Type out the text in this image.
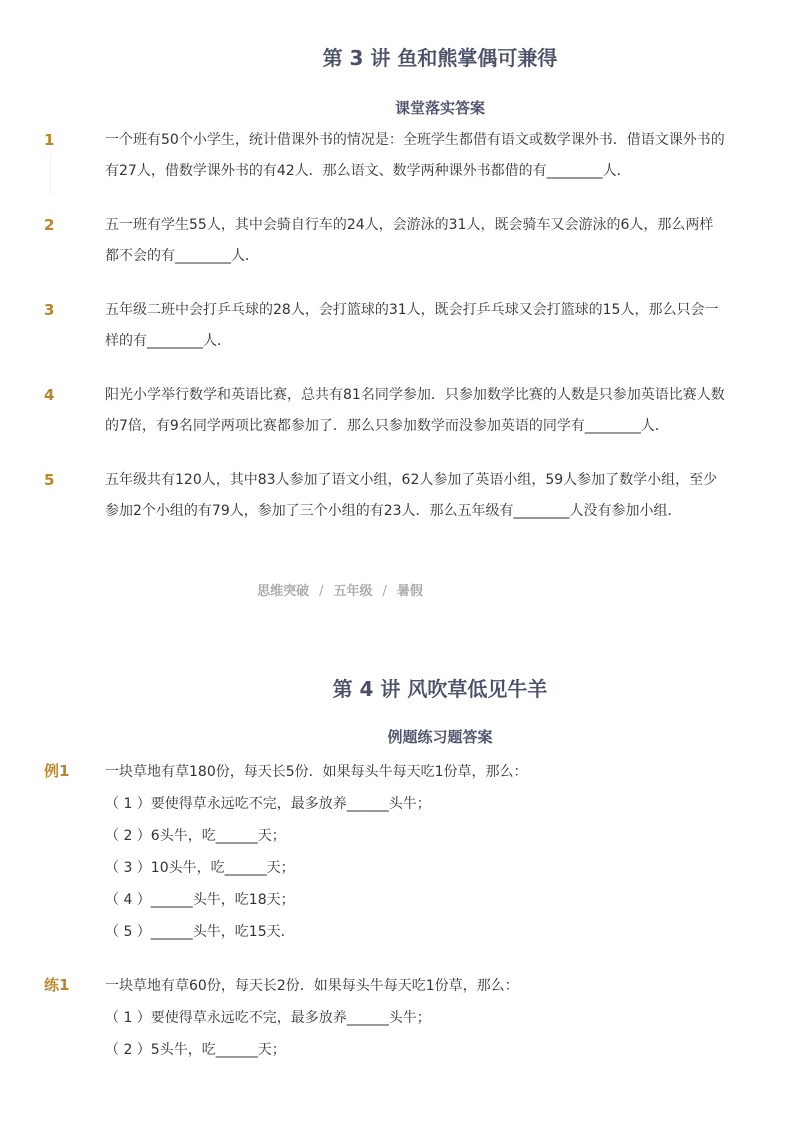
第 3 讲 鱼和熊掌偶可兼得
课堂落实答案
1	一个班有50个小学生，统计借课外书的情况是：全班学生都借有语文或数学课外书．借语文课外书的有27人，借数学课外书的有42人．那么语文、数学两种课外书都借的有________人．
2	五一班有学生55人，其中会骑自行车的24人，会游泳的31人，既会骑车又会游泳的6人，那么两样都不会的有________人．
3	五年级二班中会打乒乓球的28人，会打篮球的31人，既会打乒乓球又会打篮球的15人，那么只会一样的有________人．
4	阳光小学举行数学和英语比赛，总共有81名同学参加．只参加数学比赛的人数是只参加英语比赛人数的7倍，有9名同学两项比赛都参加了．那么只参加数学而没参加英语的同学有________人．
5	五年级共有120人，其中83人参加了语文小组，62人参加了英语小组，59人参加了数学小组，至少参加2个小组的有79人，参加了三个小组的有23人．那么五年级有________人没有参加小组．
思维突破 / 五年级 / 暑假
第 4 讲 风吹草低见牛羊
例题练习题答案
例1	一块草地有草180份，每天长5份．如果每头牛每天吃1份草，那么：
（ 1 ）要使得草永远吃不完，最多放养______头牛；
（ 2 ）6头牛，吃______天；
（ 3 ）10头牛，吃______天；
（ 4 ）______头牛，吃18天；
（ 5 ）______头牛，吃15天．
练1	一块草地有草60份，每天长2份．如果每头牛每天吃1份草，那么：
（ 1 ）要使得草永远吃不完，最多放养______头牛；
（ 2 ）5头牛，吃______天；
